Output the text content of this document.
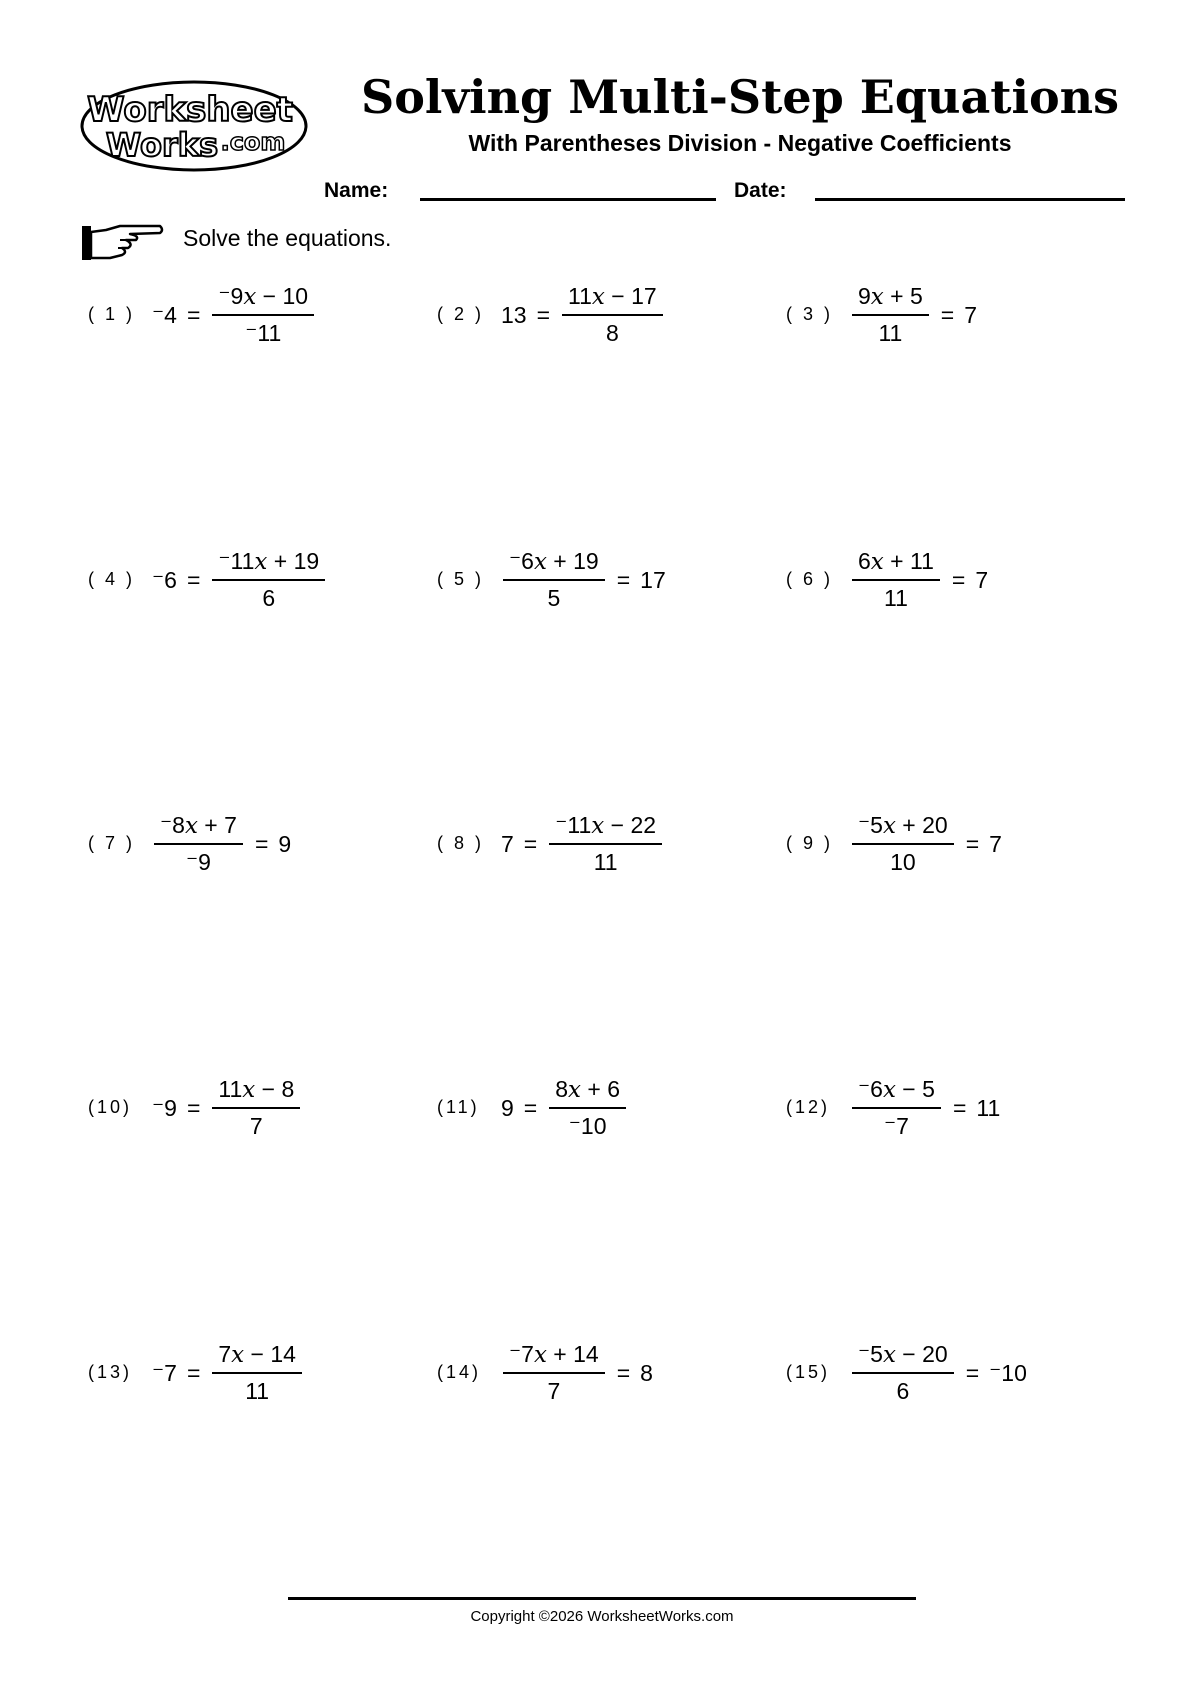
Worksheet
Works .com
Solving Multi-Step Equations
With Parentheses Division - Negative Coefficients
Name:	Date:
Solve the equations.
( 1 ) $^-4 = \frac{^-9x - 10}{^-11}$	( 2 ) $13 = \frac{11x - 17}{8}$	( 3 ) $\frac{9x + 5}{11} = 7$
( 4 ) $^-6 = \frac{^-11x + 19}{6}$	( 5 ) $\frac{^-6x + 19}{5} = 17$	( 6 ) $\frac{6x + 11}{11} = 7$
( 7 ) $\frac{^-8x + 7}{^-9} = 9$	( 8 ) $7 = \frac{^-11x - 22}{11}$	( 9 ) $\frac{^-5x + 20}{10} = 7$
(10) $^-9 = \frac{11x - 8}{7}$	(11) $9 = \frac{8x + 6}{^-10}$	$(12) \frac{^-6x - 5}{^-7} = 11$
(13) $^-7 = \frac{7x - 14}{11}$	$(14) \frac{^-7x + 14}{7} = 8$	$(15) \frac{^-5x - 20}{6} = ^-10$
Copyright ©2026 WorksheetWorks.com
